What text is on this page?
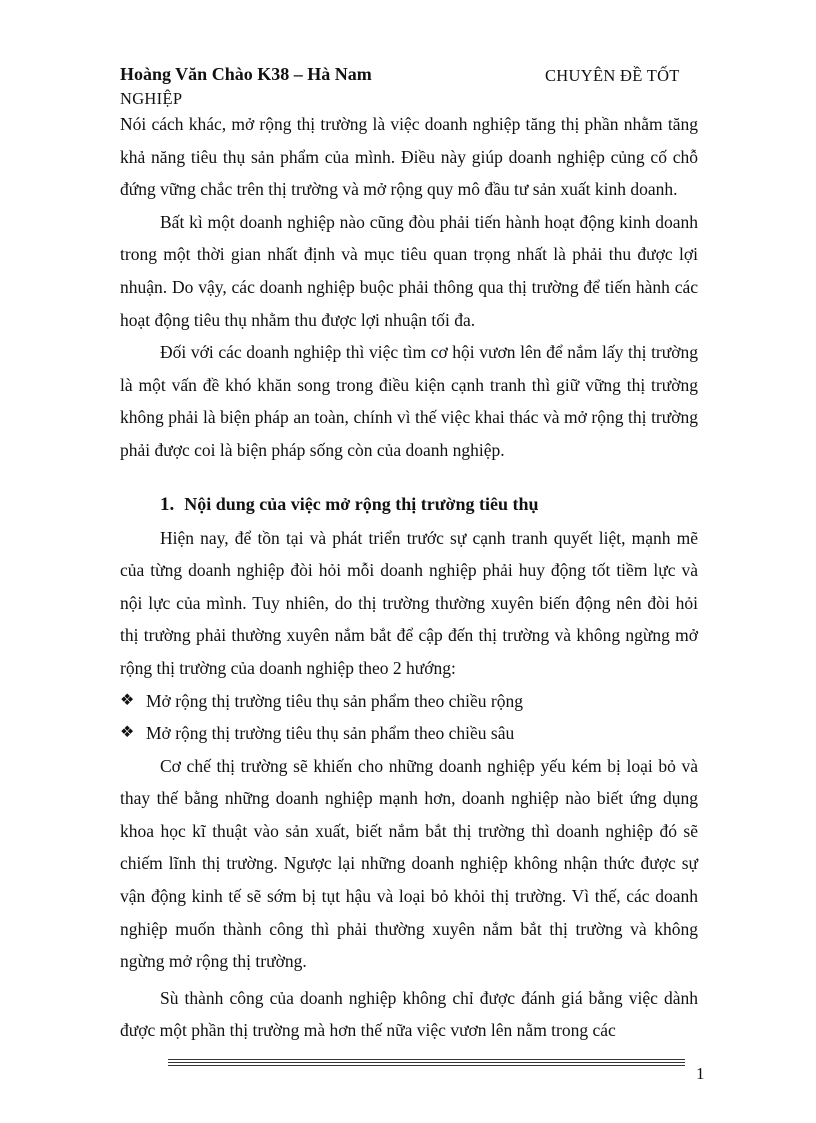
Hoàng Văn Chào K38 – Hà Nam	CHUYÊN ĐỀ TỐT
NGHIỆP

Nói cách khác, mở rộng thị trường là việc doanh nghiệp tăng thị phần nhằm tăng khả năng tiêu thụ sản phẩm của mình. Điều này giúp doanh nghiệp củng cố chỗ đứng vững chắc trên thị trường và mở rộng quy mô đầu tư sản xuất kinh doanh.

Bất kì một doanh nghiệp nào cũng đòu phải tiến hành hoạt động kinh doanh trong một thời gian nhất định và mục tiêu quan trọng nhất là phải thu được lợi nhuận. Do vậy, các doanh nghiệp buộc phải thông qua thị trường để tiến hành các hoạt động tiêu thụ nhằm thu được lợi nhuận tối đa.

Đối với các doanh nghiệp thì việc tìm cơ hội vươn lên để nắm lấy thị trường là một vấn đề khó khăn song trong điều kiện cạnh tranh thì giữ vững thị trường không phải là biện pháp an toàn, chính vì thế việc khai thác và mở rộng thị trường phải được coi là biện pháp sống còn của doanh nghiệp.

1. Nội dung của việc mở rộng thị trường tiêu thụ

Hiện nay, để tồn tại và phát triển trước sự cạnh tranh quyết liệt, mạnh mẽ của từng doanh nghiệp đòi hỏi mỗi doanh nghiệp phải huy động tốt tiềm lực và nội lực của mình. Tuy nhiên, do thị trường thường xuyên biến động nên đòi hỏi thị trường phải thường xuyên nắm bắt để cập đến thị trường và không ngừng mở rộng thị trường của doanh nghiệp theo 2 hướng:

❖ Mở rộng thị trường tiêu thụ sản phẩm theo chiều rộng
❖ Mở rộng thị trường tiêu thụ sản phẩm theo chiều sâu

Cơ chế thị trường sẽ khiến cho những doanh nghiệp yếu kém bị loại bỏ và thay thế bằng những doanh nghiệp mạnh hơn, doanh nghiệp nào biết ứng dụng khoa học kĩ thuật vào sản xuất, biết nắm bắt thị trường thì doanh nghiệp đó sẽ chiếm lĩnh thị trường. Ngược lại những doanh nghiệp không nhận thức được sự vận động kinh tế sẽ sớm bị tụt hậu và loại bỏ khỏi thị trường. Vì thế, các doanh nghiệp muốn thành công thì phải thường xuyên nắm bắt thị trường và không ngừng mở rộng thị trường.

Sù thành công của doanh nghiệp không chỉ được đánh giá bằng việc dành được một phần thị trường mà hơn thế nữa việc vươn lên nằm trong các

1
